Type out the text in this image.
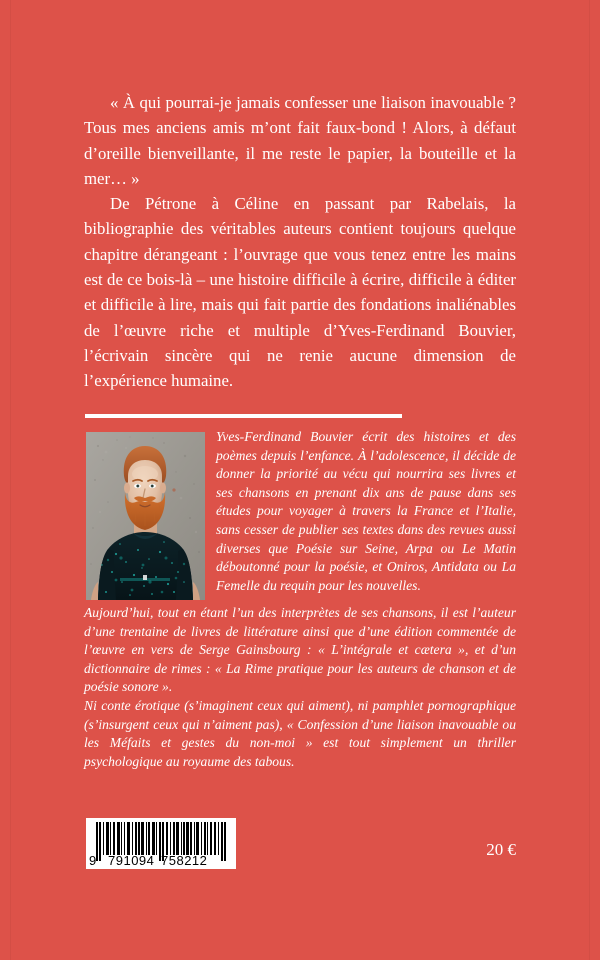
« À qui pourrai-je jamais confesser une liaison inavouable ? Tous mes anciens amis m’ont fait faux-bond ! Alors, à défaut d’oreille bienveillante, il me reste le papier, la bouteille et la mer… »

De Pétrone à Céline en passant par Rabelais, la bibliographie des véritables auteurs contient toujours quelque chapitre dérangeant : l’ouvrage que vous tenez entre les mains est de ce bois-là – une histoire difficile à écrire, difficile à éditer et difficile à lire, mais qui fait partie des fondations inaliénables de l’œuvre riche et multiple d’Yves-Ferdinand Bouvier, l’écrivain sincère qui ne renie aucune dimension de l’expérience humaine.

Yves-Ferdinand Bouvier écrit des histoires et des poèmes depuis l’enfance. À l’adolescence, il décide de donner la priorité au vécu qui nourrira ses livres et ses chansons en prenant dix ans de pause dans ses études pour voyager à travers la France et l’Italie, sans cesser de publier ses textes dans des revues aussi diverses que Poésie sur Seine, Arpa ou Le Matin déboutonné pour la poésie, et Oniros, Antidata ou La Femelle du requin pour les nouvelles.

Aujourd’hui, tout en étant l’un des interprètes de ses chansons, il est l’auteur d’une trentaine de livres de littérature ainsi que d’une édition commentée de l’œuvre en vers de Serge Gainsbourg : « L’intégrale et cætera », et d’un dictionnaire de rimes : « La Rime pratique pour les auteurs de chanson et de poésie sonore ».

Ni conte érotique (s’imaginent ceux qui aiment), ni pamphlet pornographique (s’insurgent ceux qui n’aiment pas), « Confession d’une liaison inavouable ou les Méfaits et gestes du non-moi » est tout simplement un thriller psychologique au royaume des tabous.

9 791094 758212
20 €
